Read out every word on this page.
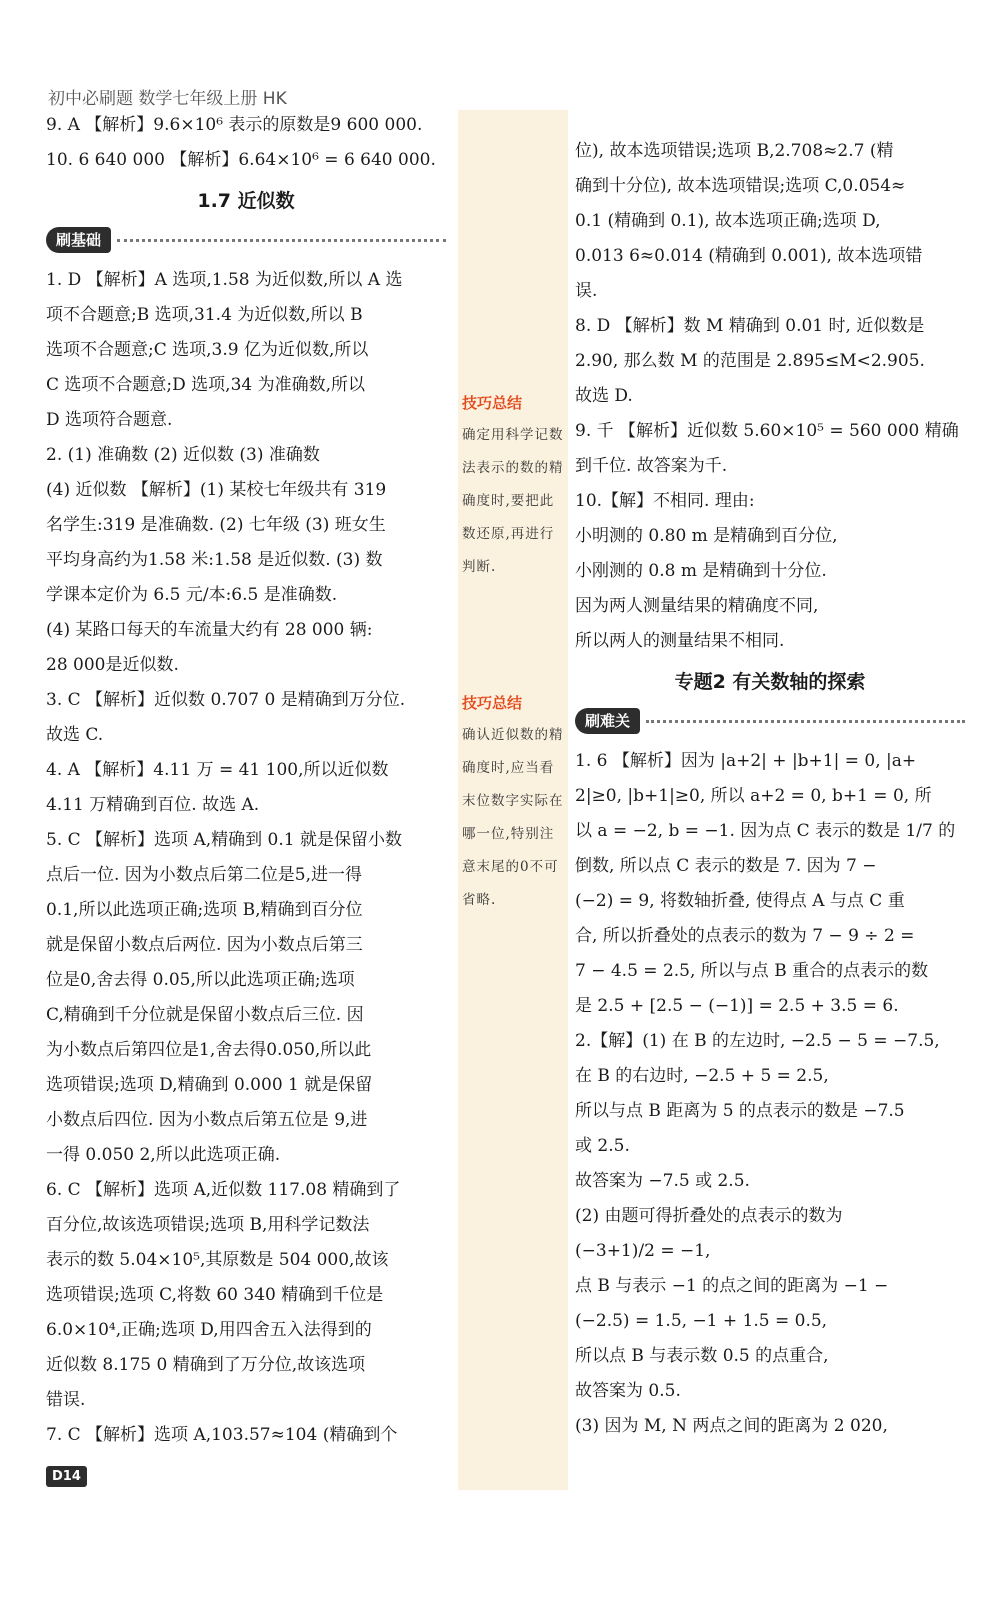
初中必刷题 数学七年级上册 HK
9. A 【解析】9.6×10⁶ 表示的原数是9 600 000.
10. 6 640 000 【解析】6.64×10⁶ = 6 640 000.
1.7 近似数
刷基础
1. D 【解析】A 选项,1.58 为近似数,所以 A 选
项不合题意;B 选项,31.4 为近似数,所以 B
选项不合题意;C 选项,3.9 亿为近似数,所以
C 选项不合题意;D 选项,34 为准确数,所以
D 选项符合题意.
2. (1) 准确数 (2) 近似数 (3) 准确数
(4) 近似数 【解析】(1) 某校七年级共有 319
名学生:319 是准确数. (2) 七年级 (3) 班女生
平均身高约为1.58 米:1.58 是近似数. (3) 数
学课本定价为 6.5 元/本:6.5 是准确数.
(4) 某路口每天的车流量大约有 28 000 辆:
28 000是近似数.
3. C 【解析】近似数 0.707 0 是精确到万分位.
故选 C.
4. A 【解析】4.11 万 = 41 100,所以近似数
4.11 万精确到百位. 故选 A.
5. C 【解析】选项 A,精确到 0.1 就是保留小数
点后一位. 因为小数点后第二位是5,进一得
0.1,所以此选项正确;选项 B,精确到百分位
就是保留小数点后两位. 因为小数点后第三
位是0,舍去得 0.05,所以此选项正确;选项
C,精确到千分位就是保留小数点后三位. 因
为小数点后第四位是1,舍去得0.050,所以此
选项错误;选项 D,精确到 0.000 1 就是保留
小数点后四位. 因为小数点后第五位是 9,进
一得 0.050 2,所以此选项正确.
6. C 【解析】选项 A,近似数 117.08 精确到了
百分位,故该选项错误;选项 B,用科学记数法
表示的数 5.04×10⁵,其原数是 504 000,故该
选项错误;选项 C,将数 60 340 精确到千位是
6.0×10⁴,正确;选项 D,用四舍五入法得到的
近似数 8.175 0 精确到了万分位,故该选项
错误.
7. C 【解析】选项 A,103.57≈104 (精确到个
技巧总结
确定用科学记数法表示的数的精确度时,要把此数还原,再进行判断.
技巧总结
确认近似数的精确度时,应当看末位数字实际在哪一位,特别注意末尾的0不可省略.
位), 故本选项错误;选项 B,2.708≈2.7 (精
确到十分位), 故本选项错误;选项 C,0.054≈
0.1 (精确到 0.1), 故本选项正确;选项 D,
0.013 6≈0.014 (精确到 0.001), 故本选项错
误.
8. D 【解析】数 M 精确到 0.01 时, 近似数是
2.90, 那么数 M 的范围是 2.895≤M<2.905.
故选 D.
9. 千 【解析】近似数 5.60×10⁵ = 560 000 精确
到千位. 故答案为千.
10.【解】不相同. 理由:
小明测的 0.80 m 是精确到百分位,
小刚测的 0.8 m 是精确到十分位.
因为两人测量结果的精确度不同,
所以两人的测量结果不相同.
专题2 有关数轴的探索
刷难关
1. 6 【解析】因为 |a+2| + |b+1| = 0, |a+
2|≥0, |b+1|≥0, 所以 a+2 = 0, b+1 = 0, 所
以 a = −2, b = −1. 因为点 C 表示的数是 1/7 的
倒数, 所以点 C 表示的数是 7. 因为 7 −
(−2) = 9, 将数轴折叠, 使得点 A 与点 C 重
合, 所以折叠处的点表示的数为 7 − 9 ÷ 2 =
7 − 4.5 = 2.5, 所以与点 B 重合的点表示的数
是 2.5 + [2.5 − (−1)] = 2.5 + 3.5 = 6.
2.【解】(1) 在 B 的左边时, −2.5 − 5 = −7.5,
在 B 的右边时, −2.5 + 5 = 2.5,
所以与点 B 距离为 5 的点表示的数是 −7.5
或 2.5.
故答案为 −7.5 或 2.5.
(2) 由题可得折叠处的点表示的数为
(−3+1)/2 = −1,
点 B 与表示 −1 的点之间的距离为 −1 −
(−2.5) = 1.5, −1 + 1.5 = 0.5,
所以点 B 与表示数 0.5 的点重合,
故答案为 0.5.
(3) 因为 M, N 两点之间的距离为 2 020,
D14
